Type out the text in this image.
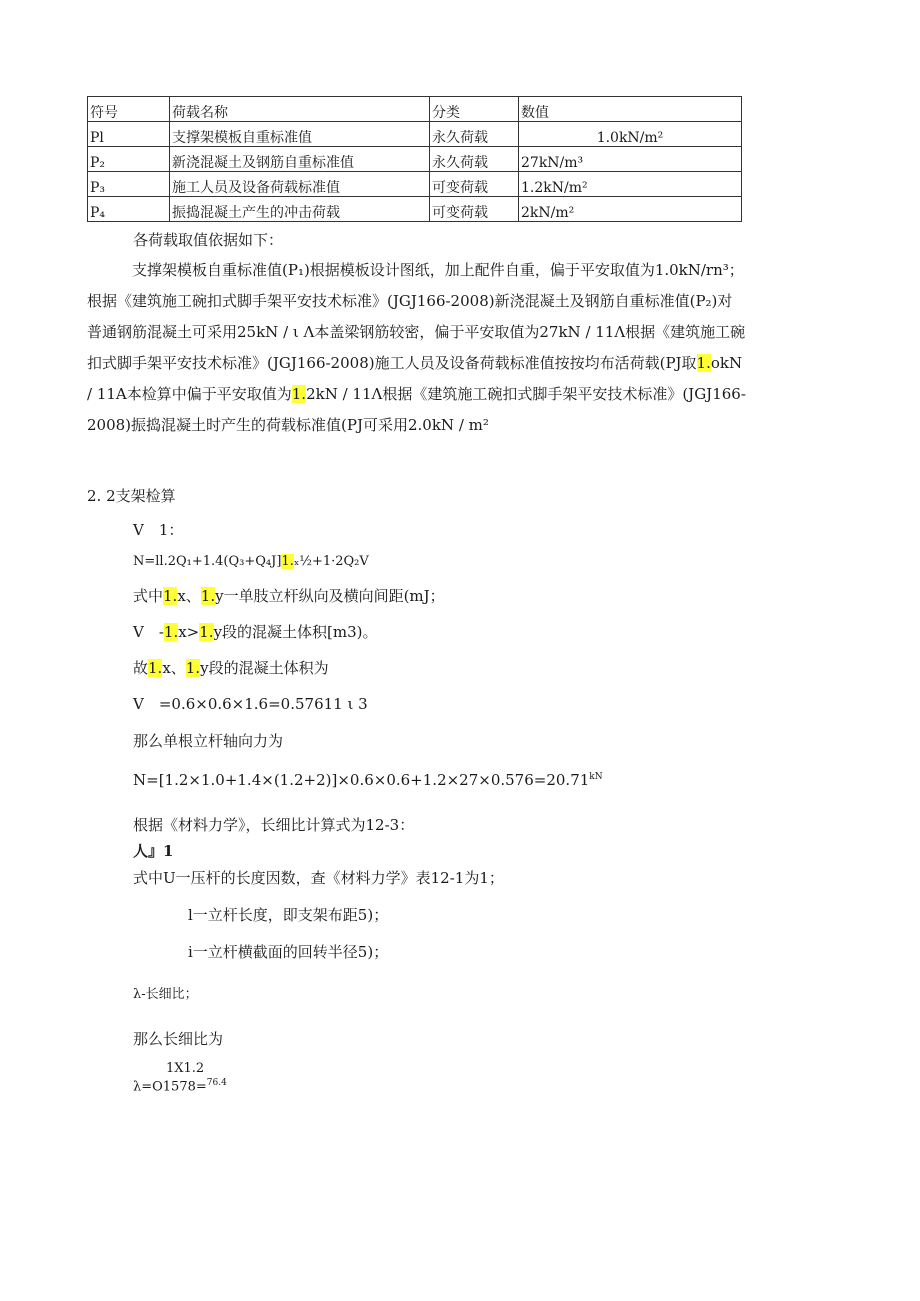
符号	荷载名称	分类	数值
Pl	支撑架模板自重标准值	永久荷载	1.0kN/m²
P₂	新浇混凝土及钢筋自重标准值	永久荷载	27kN/m³
P₃	施工人员及设备荷载标准值	可变荷载	1.2kN/m²
P₄	振捣混凝土产生的冲击荷载	可变荷载	2kN/m²
各荷载取值依据如下：
支撑架模板自重标准值(P₁)根据模板设计图纸，加上配件自重，偏于平安取值为1.0kN/rn³；根据《建筑施工碗扣式脚手架平安技术标准》(JGJ166-2008)新浇混凝土及钢筋自重标准值(P₂)对普通钢筋混凝土可采用25kN / ι Λ本盖梁钢筋较密，偏于平安取值为27kN / 11Λ根据《建筑施工碗扣式脚手架平安技术标准》(JGJ166-2008)施工人员及设备荷载标准值按按均布活荷载(PJ取1.okN / 11A本检算中偏于平安取值为1.2kN / 11Λ根据《建筑施工碗扣式脚手架平安技术标准》(JGJ166-2008)振捣混凝土时产生的荷载标准值(PJ可采用2.0kN / m²
2. 2支架检算
V　1：
N=ll.2Q₁+1.4(Q₃+Q₄J]1.ₓ½+1·2Q₂V
式中1.x、1.y一单肢立杆纵向及横向间距(mJ；
V　-1.x>1.y段的混凝土体积[m3)。
故1.x、1.y段的混凝土体积为
V　=0.6×0.6×1.6=0.57611 ι 3
那么单根立杆轴向力为
$N=[1.2\times 1.0+1.4\times(1.2+2)]\times 0.6\times 0.6+1.2\times 27\times 0.576=20.71^{kN}$
根据《材料力学》，长细比计算式为12-3：
人』1
式中U一压杆的长度因数，查《材料力学》表12-1为1；
l一立杆长度，即支架布距5)；
i一立杆横截面的回转半径5)；
λ-长细比；
那么长细比为
1X1.2
λ=O1578=$^{76.4}$
